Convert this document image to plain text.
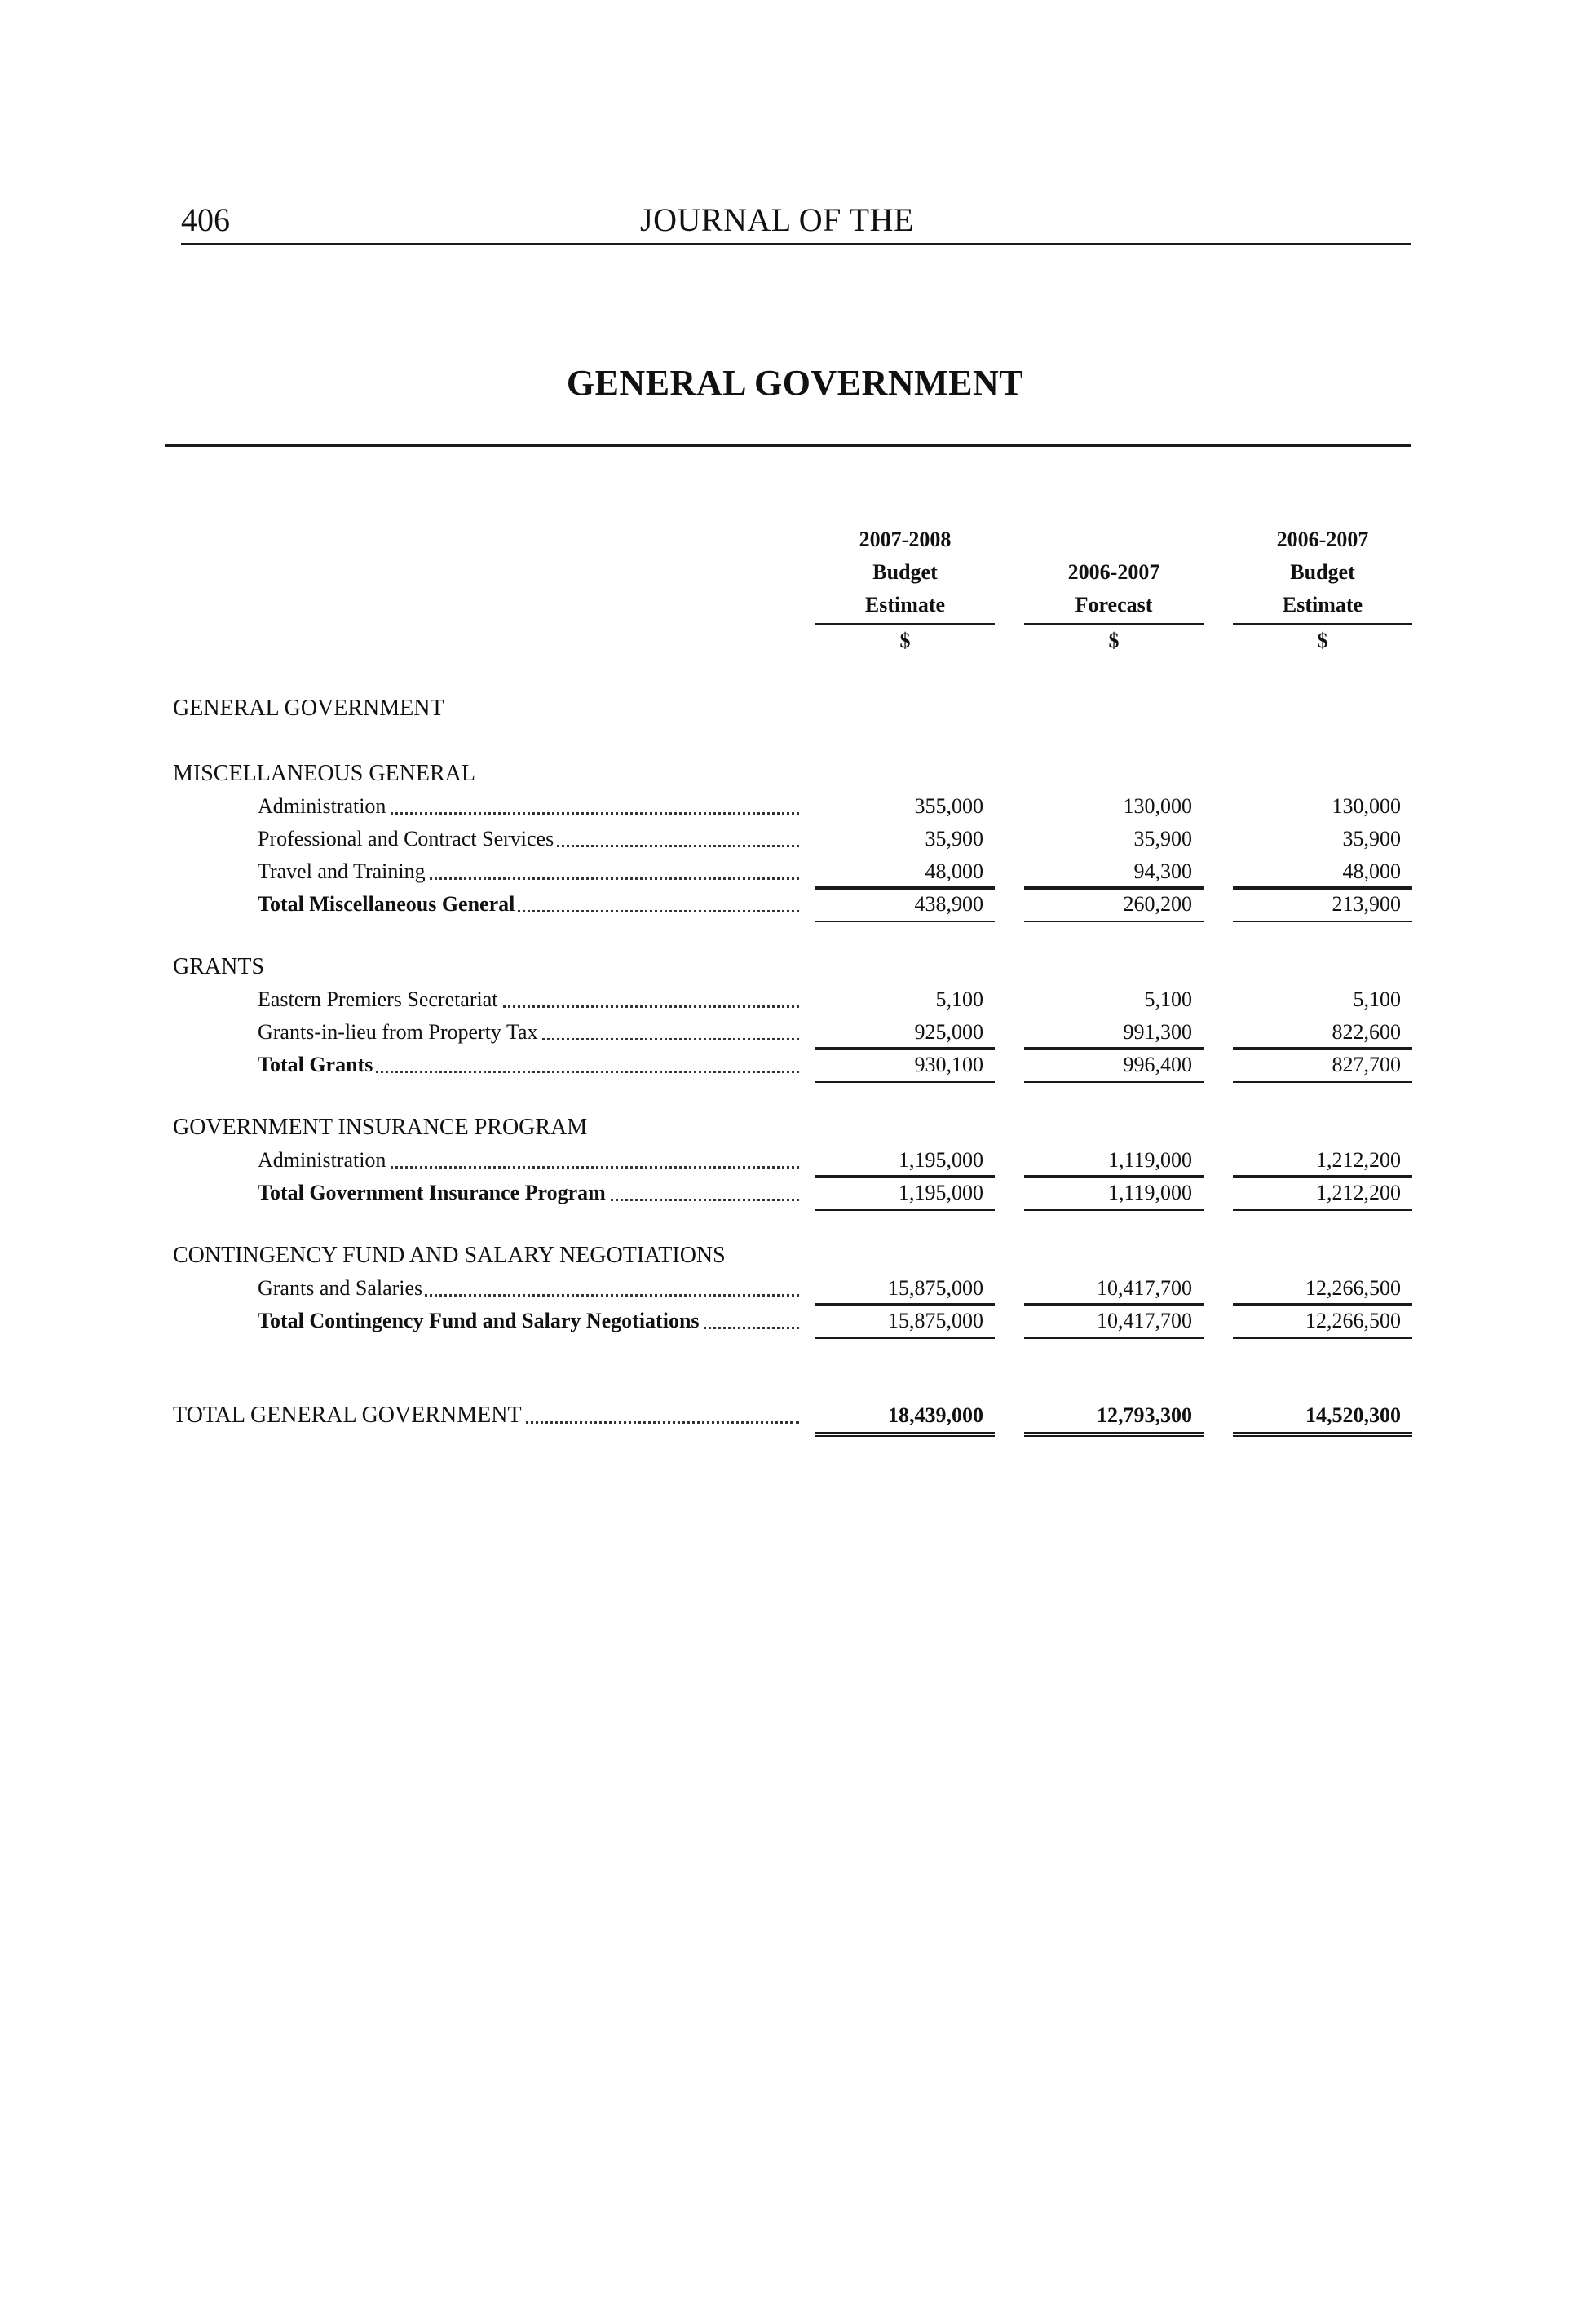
406	JOURNAL OF THE
GENERAL GOVERNMENT
2007-2008
Budget
Estimate
$
2006-2007
Forecast
$
2006-2007
Budget
Estimate
$
GENERAL GOVERNMENT
MISCELLANEOUS GENERAL
Administration	355,000	130,000	130,000
Professional and Contract Services	35,900	35,900	35,900
Travel and Training	48,000	94,300	48,000
Total Miscellaneous General	438,900	260,200	213,900
GRANTS
Eastern Premiers Secretariat	5,100	5,100	5,100
Grants-in-lieu from Property Tax	925,000	991,300	822,600
Total Grants	930,100	996,400	827,700
GOVERNMENT INSURANCE PROGRAM
Administration	1,195,000	1,119,000	1,212,200
Total Government Insurance Program	1,195,000	1,119,000	1,212,200
CONTINGENCY FUND AND SALARY NEGOTIATIONS
Grants and Salaries	15,875,000	10,417,700	12,266,500
Total Contingency Fund and Salary Negotiations	15,875,000	10,417,700	12,266,500
TOTAL GENERAL GOVERNMENT	18,439,000	12,793,300	14,520,300
